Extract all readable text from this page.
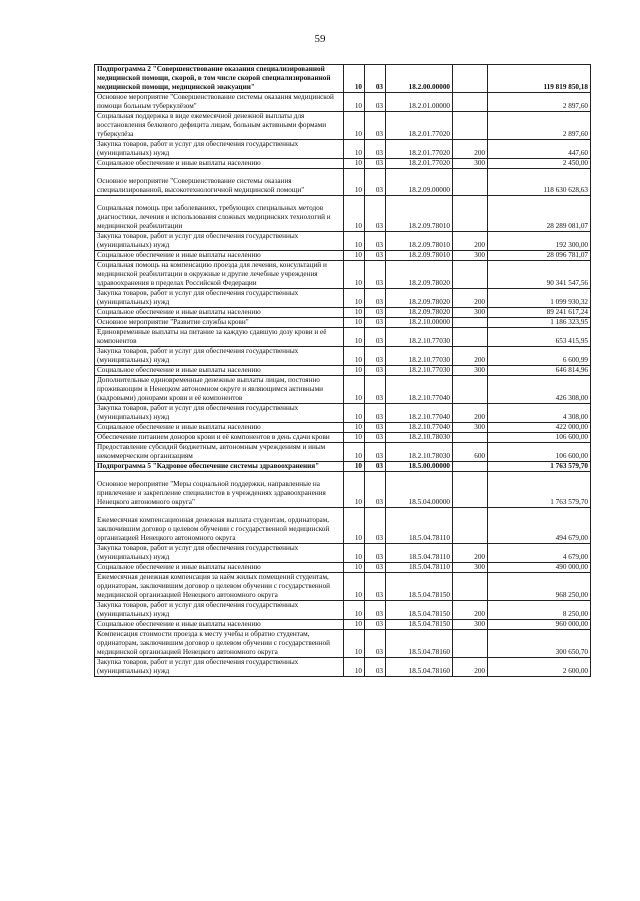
59
Подпрограмма 2 "Совершенствование оказания специализированной медицинской помощи, скорой, в том числе скорой специализированной медицинской помощи, медицинской эвакуации"	10	03	18.2.00.00000		119 819 850,18
Основное мероприятие "Совершенствование системы оказания медицинской помощи больным туберкулёзом"	10	03	18.2.01.00000		2 897,60
Социальная поддержка в виде ежемесячной денежной выплаты для восстановления белкового дефицита лицам, больным активными формами туберкулёза	10	03	18.2.01.77020		2 897,60
Закупка товаров, работ и услуг для обеспечения государственных (муниципальных) нужд	10	03	18.2.01.77020	200	447,60
Социальное обеспечение и иные выплаты населению	10	03	18.2.01.77020	300	2 450,00
Основное мероприятие "Совершенствование системы оказания специализированной, высокотехнологичной медицинской помощи"	10	03	18.2.09.00000		118 630 628,63
Социальная помощь при заболеваниях, требующих специальных методов диагностики, лечения и использования сложных медицинских технологий и медицинской реабилитации	10	03	18.2.09.78010		28 289 081,07
Закупка товаров, работ и услуг для обеспечения государственных (муниципальных) нужд	10	03	18.2.09.78010	200	192 300,00
Социальное обеспечение и иные выплаты населению	10	03	18.2.09.78010	300	28 096 781,07
Социальная помощь на компенсацию проезда для лечения, консультаций и медицинской реабилитации в окружные и другие лечебные учреждения здравоохранения в пределах Российской Федерации	10	03	18.2.09.78020		90 341 547,56
Закупка товаров, работ и услуг для обеспечения государственных (муниципальных) нужд	10	03	18.2.09.78020	200	1 099 930,32
Социальное обеспечение и иные выплаты населению	10	03	18.2.09.78020	300	89 241 617,24
Основное мероприятие "Развитие службы крови"	10	03	18.2.10.00000		1 186 323,95
Единовременные выплаты на питание за каждую сдавшую дозу крови и её компонентов	10	03	18.2.10.77030		653 415,95
Закупка товаров, работ и услуг для обеспечения государственных (муниципальных) нужд	10	03	18.2.10.77030	200	6 600,99
Социальное обеспечение и иные выплаты населению	10	03	18.2.10.77030	300	646 814,96
Дополнительные единовременные денежные выплаты лицам, постоянно проживающим в Ненецком автономном округе и являющимся активными (кадровыми) донорами крови и её компонентов	10	03	18.2.10.77040		426 308,00
Закупка товаров, работ и услуг для обеспечения государственных (муниципальных) нужд	10	03	18.2.10.77040	200	4 308,00
Социальное обеспечение и иные выплаты населению	10	03	18.2.10.77040	300	422 000,00
Обеспечение питанием доноров крови и её компонентов в день сдачи крови	10	03	18.2.10.78030		106 600,00
Предоставление субсидий бюджетным, автономным учреждениям и иным некоммерческим организациям	10	03	18.2.10.78030	600	106 600,00
Подпрограмма 5 "Кадровое обеспечение системы здравоохранения"	10	03	18.5.00.00000		1 763 579,70
Основное мероприятие "Меры социальной поддержки, направленные на привлечение и закрепление специалистов в учреждениях здравоохранения Ненецкого автономного округа"	10	03	18.5.04.00000		1 763 579,70
Ежемесячная компенсационная денежная выплата студентам, ординаторам, заключившим договор о целевом обучении с государственной медицинской организацией Ненецкого автономного округа	10	03	18.5.04.78110		494 679,00
Закупка товаров, работ и услуг для обеспечения государственных (муниципальных) нужд	10	03	18.5.04.78110	200	4 679,00
Социальное обеспечение и иные выплаты населению	10	03	18.5.04.78110	300	490 000,00
Ежемесячная денежная компенсация за наём жилых помещений студентам, ординаторам, заключившим договор о целевом обучении с государственной медицинской организацией Ненецкого автономного округа	10	03	18.5.04.78150		968 250,00
Закупка товаров, работ и услуг для обеспечения государственных (муниципальных) нужд	10	03	18.5.04.78150	200	8 250,00
Социальное обеспечение и иные выплаты населению	10	03	18.5.04.78150	300	960 000,00
Компенсация стоимости проезда к месту учебы и обратно студентам, ординаторам, заключившим договор о целевом обучении с государственной медицинской организацией Ненецкого автономного округа	10	03	18.5.04.78160		300 650,70
Закупка товаров, работ и услуг для обеспечения государственных (муниципальных) нужд	10	03	18.5.04.78160	200	2 600,00
